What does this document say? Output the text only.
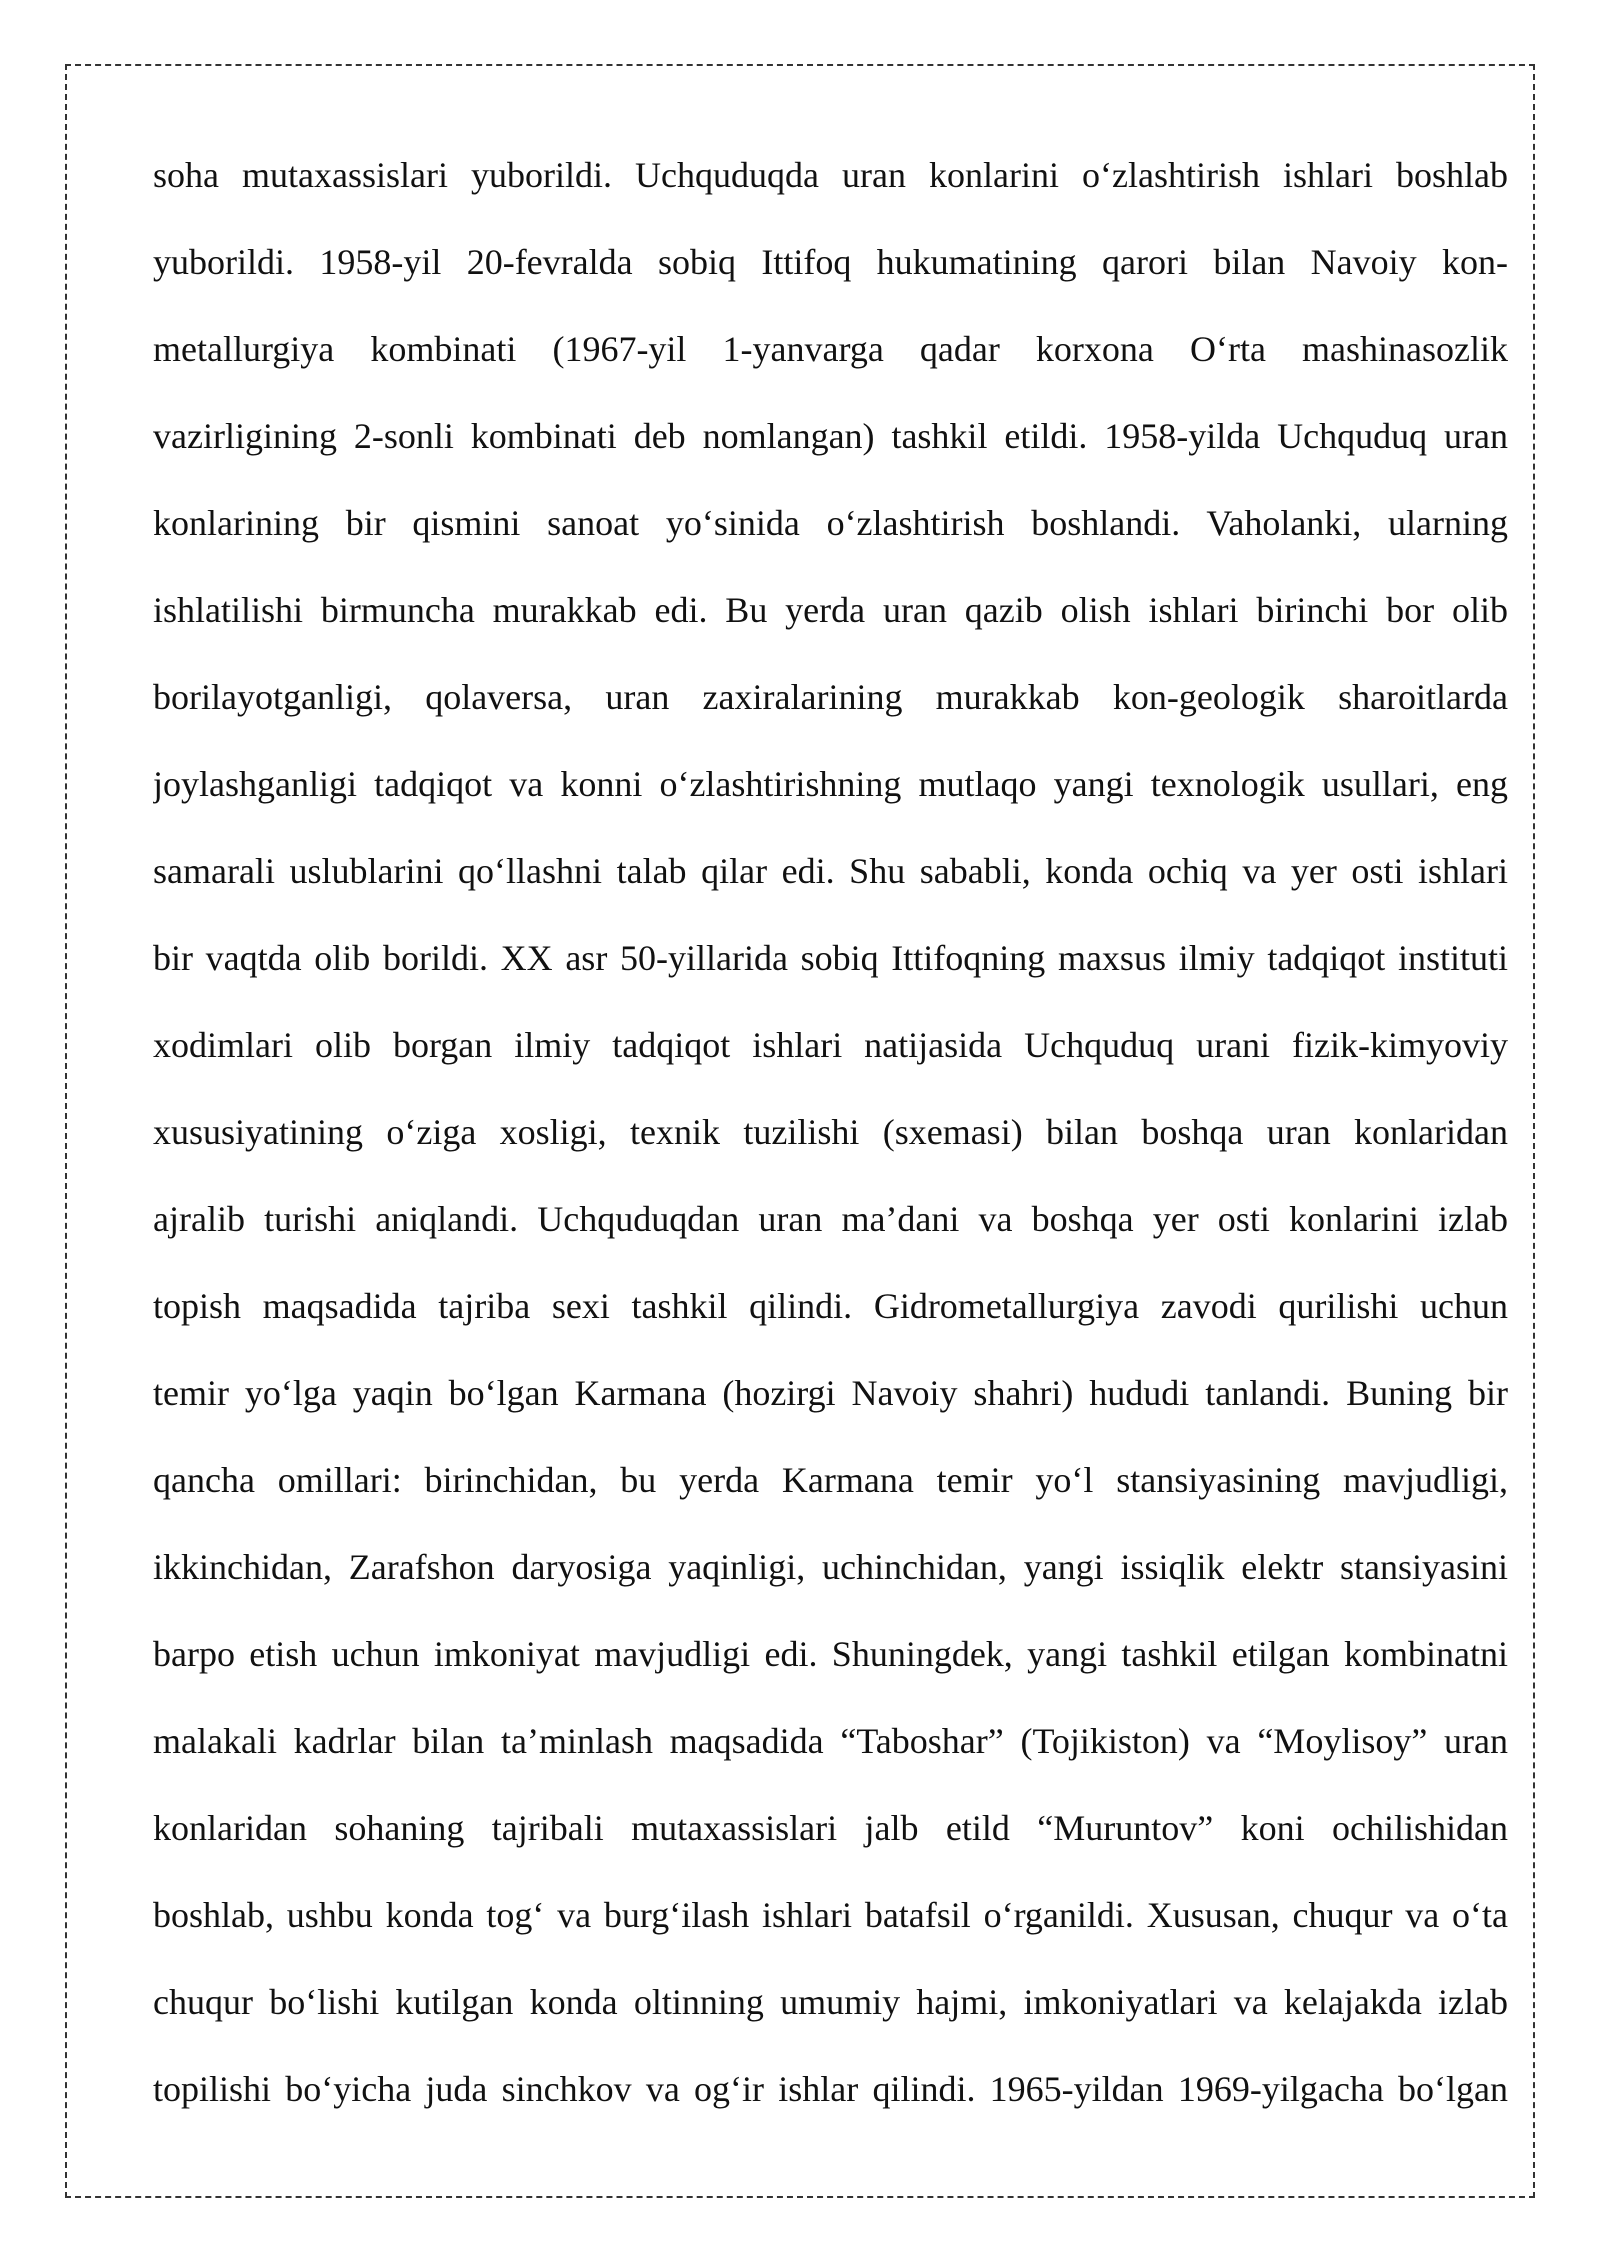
soha mutaxassislari yuborildi. Uchquduqda uran konlarini o‘zlashtirish ishlari boshlab
yuborildi. 1958-yil 20-fevralda sobiq Ittifoq hukumatining qarori bilan Navoiy kon-
metallurgiya kombinati (1967-yil 1-yanvarga qadar korxona O‘rta mashinasozlik
vazirligining 2-sonli kombinati deb nomlangan) tashkil etildi. 1958-yilda Uchquduq uran
konlarining bir qismini sanoat yo‘sinida o‘zlashtirish boshlandi. Vaholanki, ularning
ishlatilishi birmuncha murakkab edi. Bu yerda uran qazib olish ishlari birinchi bor olib
borilayotganligi, qolaversa, uran zaxiralarining murakkab kon-geologik sharoitlarda
joylashganligi tadqiqot va konni o‘zlashtirishning mutlaqo yangi texnologik usullari, eng
samarali uslublarini qo‘llashni talab qilar edi. Shu sababli, konda ochiq va yer osti ishlari
bir vaqtda olib borildi. XX asr 50-yillarida sobiq Ittifoqning maxsus ilmiy tadqiqot instituti
xodimlari olib borgan ilmiy tadqiqot ishlari natijasida Uchquduq urani fizik-kimyoviy
xususiyatining o‘ziga xosligi, texnik tuzilishi (sxemasi) bilan boshqa uran konlaridan
ajralib turishi aniqlandi. Uchquduqdan uran ma’dani va boshqa yer osti konlarini izlab
topish maqsadida tajriba sexi tashkil qilindi. Gidrometallurgiya zavodi qurilishi uchun
temir yo‘lga yaqin bo‘lgan Karmana (hozirgi Navoiy shahri) hududi tanlandi. Buning bir
qancha omillari: birinchidan, bu yerda Karmana temir yo‘l stansiyasining mavjudligi,
ikkinchidan, Zarafshon daryosiga yaqinligi, uchinchidan, yangi issiqlik elektr stansiyasini
barpo etish uchun imkoniyat mavjudligi edi. Shuningdek, yangi tashkil etilgan kombinatni
malakali kadrlar bilan ta’minlash maqsadida “Taboshar” (Tojikiston) va “Moylisoy” uran
konlaridan sohaning tajribali mutaxassislari jalb etild “Muruntov” koni ochilishidan
boshlab, ushbu konda tog‘ va burg‘ilash ishlari batafsil o‘rganildi. Xususan, chuqur va o‘ta
chuqur bo‘lishi kutilgan konda oltinning umumiy hajmi, imkoniyatlari va kelajakda izlab
topilishi bo‘yicha juda sinchkov va og‘ir ishlar qilindi. 1965-yildan 1969-yilgacha bo‘lgan
